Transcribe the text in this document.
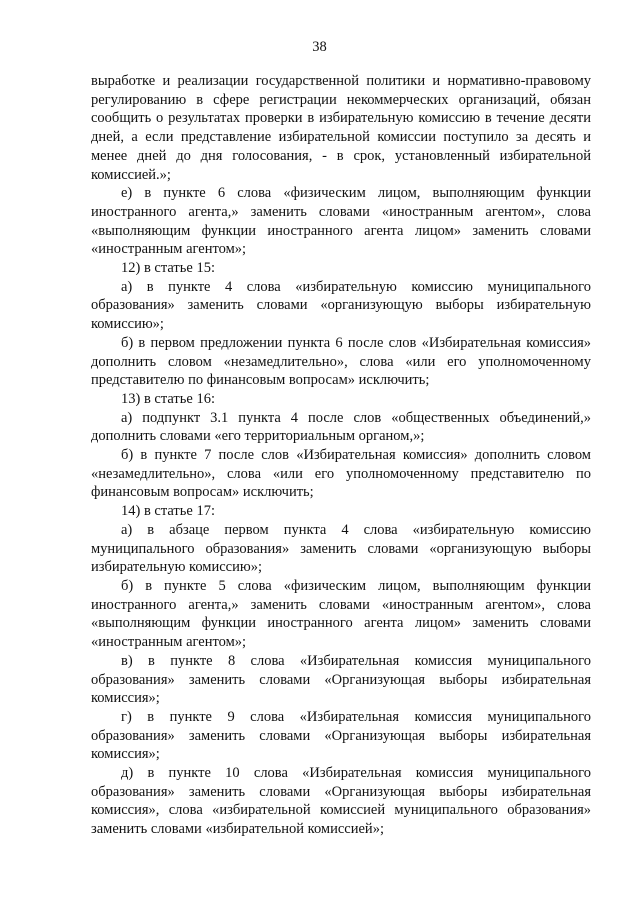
38

выработке и реализации государственной политики и нормативно-правовому регулированию в сфере регистрации некоммерческих организаций, обязан сообщить о результатах проверки в избирательную комиссию в течение десяти дней, а если представление избирательной комиссии поступило за десять и менее дней до дня голосования, - в срок, установленный избирательной комиссией.»;

е) в пункте 6 слова «физическим лицом, выполняющим функции иностранного агента,» заменить словами «иностранным агентом», слова «выполняющим функции иностранного агента лицом» заменить словами «иностранным агентом»;

12) в статье 15:

а) в пункте 4 слова «избирательную комиссию муниципального образования» заменить словами «организующую выборы избирательную комиссию»;

б) в первом предложении пункта 6 после слов «Избирательная комиссия» дополнить словом «незамедлительно», слова «или его уполномоченному представителю по финансовым вопросам» исключить;

13) в статье 16:

а) подпункт 3.1 пункта 4 после слов «общественных объединений,» дополнить словами «его территориальным органом,»;

б) в пункте 7 после слов «Избирательная комиссия» дополнить словом «незамедлительно», слова «или его уполномоченному представителю по финансовым вопросам» исключить;

14) в статье 17:

а) в абзаце первом пункта 4 слова «избирательную комиссию муниципального образования» заменить словами «организующую выборы избирательную комиссию»;

б) в пункте 5 слова «физическим лицом, выполняющим функции иностранного агента,» заменить словами «иностранным агентом», слова «выполняющим функции иностранного агента лицом» заменить словами «иностранным агентом»;

в) в пункте 8 слова «Избирательная комиссия муниципального образования» заменить словами «Организующая выборы избирательная комиссия»;

г) в пункте 9 слова «Избирательная комиссия муниципального образования» заменить словами «Организующая выборы избирательная комиссия»;

д) в пункте 10 слова «Избирательная комиссия муниципального образования» заменить словами «Организующая выборы избирательная комиссия», слова «избирательной комиссией муниципального образования» заменить словами «избирательной комиссией»;
